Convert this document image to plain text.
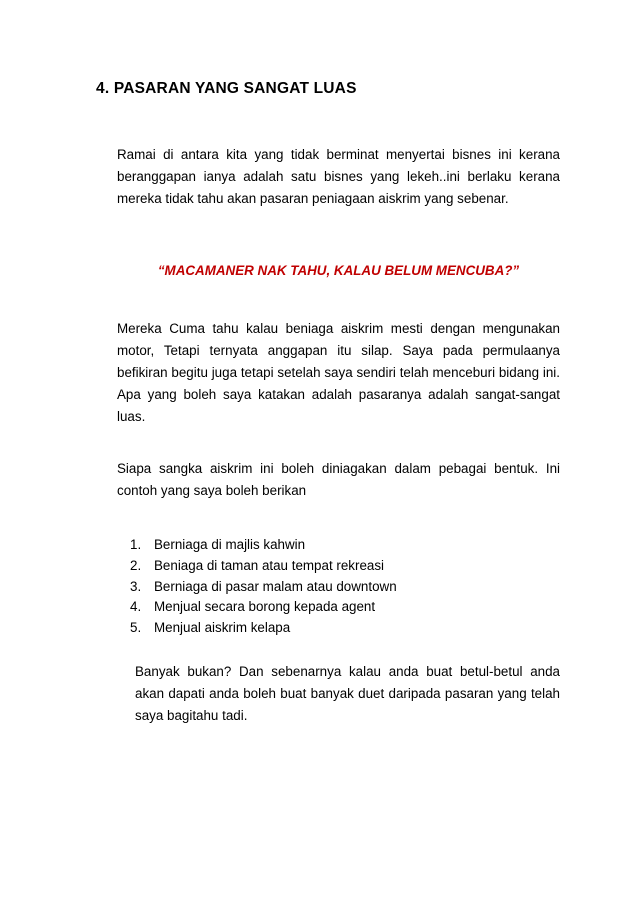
4. PASARAN YANG SANGAT LUAS

Ramai di antara kita yang tidak berminat menyertai bisnes ini kerana beranggapan ianya adalah satu bisnes yang lekeh..ini berlaku kerana mereka tidak tahu akan pasaran peniagaan aiskrim yang sebenar.

“MACAMANER NAK TAHU, KALAU BELUM MENCUBA?”

Mereka Cuma tahu kalau beniaga aiskrim mesti dengan mengunakan motor, Tetapi ternyata anggapan itu silap. Saya pada permulaanya befikiran begitu juga tetapi setelah saya sendiri telah menceburi bidang ini. Apa yang boleh saya katakan adalah pasaranya adalah sangat-sangat luas.

Siapa sangka aiskrim ini boleh diniagakan dalam pebagai bentuk. Ini contoh yang saya boleh berikan

1. Berniaga di majlis kahwin
2. Beniaga di taman atau tempat rekreasi
3. Berniaga di pasar malam atau downtown
4. Menjual secara borong kepada agent
5. Menjual aiskrim kelapa

Banyak bukan? Dan sebenarnya kalau anda buat betul-betul anda akan dapati anda boleh buat banyak duet daripada pasaran yang telah saya bagitahu tadi.
